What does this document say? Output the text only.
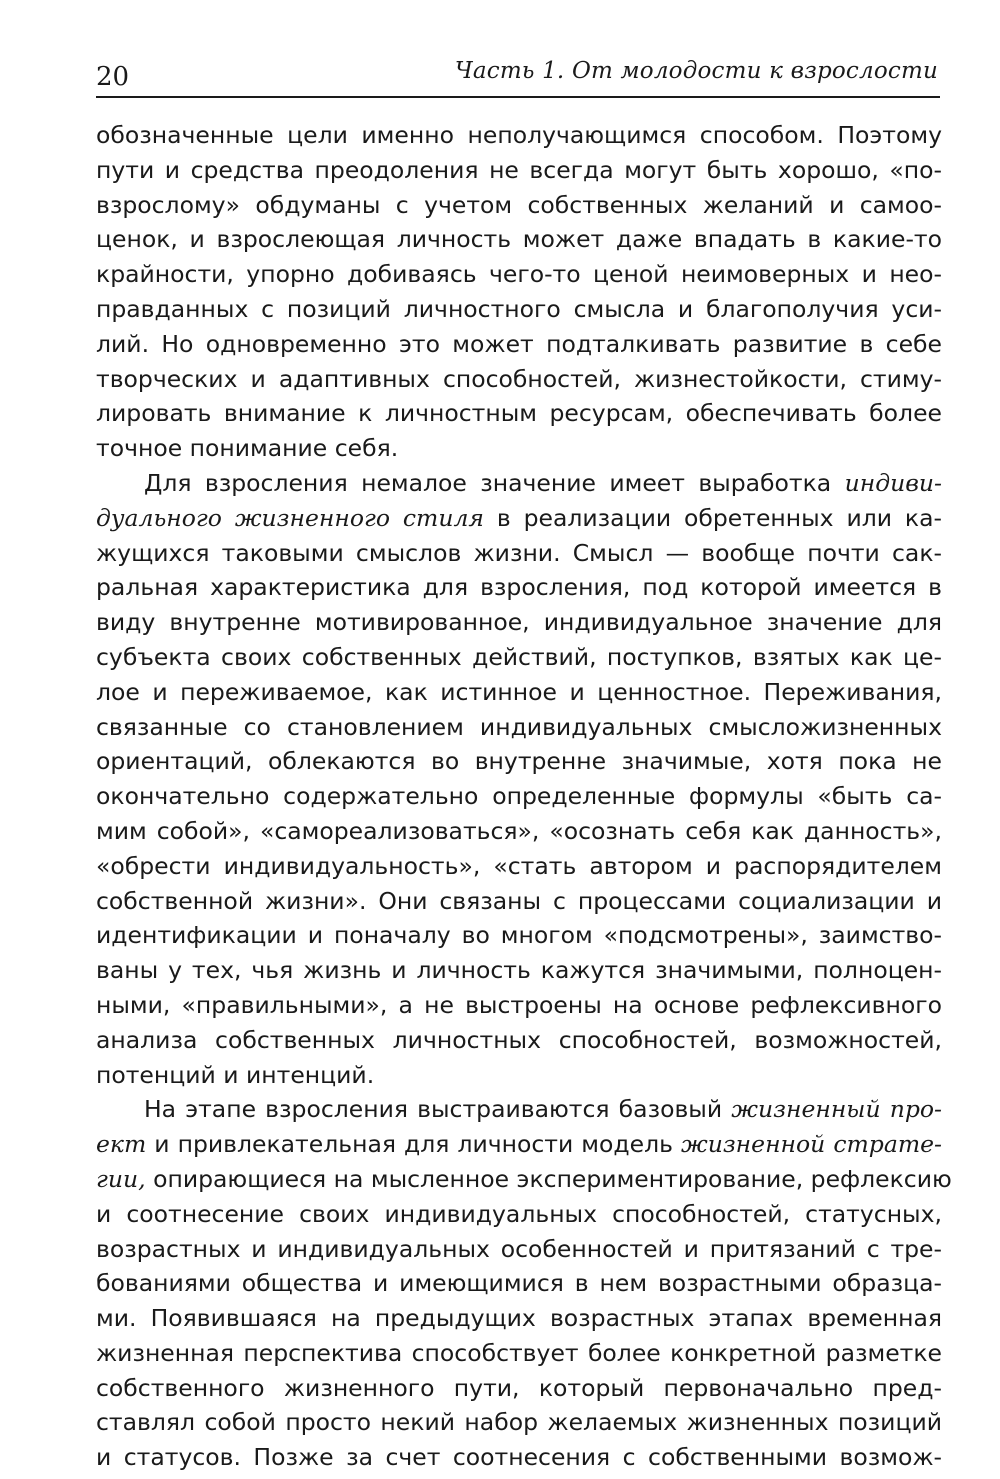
20	Часть 1. От молодости к взрослости
обозначенные цели именно неполучающимся способом. Поэтому
пути и средства преодоления не всегда могут быть хорошо, «по-
взрослому» обдуманы с учетом собственных желаний и самоо-
ценок, и взрослеющая личность может даже впадать в какие-то
крайности, упорно добиваясь чего-то ценой неимоверных и нео-
правданных с позиций личностного смысла и благополучия уси-
лий. Но одновременно это может подталкивать развитие в себе
творческих и адаптивных способностей, жизнестойкости, стиму-
лировать внимание к личностным ресурсам, обеспечивать более
точное понимание себя.
Для взросления немалое значение имеет выработка индиви-
дуального жизненного стиля в реализации обретенных или ка-
жущихся таковыми смыслов жизни. Смысл — вообще почти сак-
ральная характеристика для взросления, под которой имеется в
виду внутренне мотивированное, индивидуальное значение для
субъекта своих собственных действий, поступков, взятых как це-
лое и переживаемое, как истинное и ценностное. Переживания,
связанные со становлением индивидуальных смысложизненных
ориентаций, облекаются во внутренне значимые, хотя пока не
окончательно содержательно определенные формулы «быть са-
мим собой», «самореализоваться», «осознать себя как данность»,
«обрести индивидуальность», «стать автором и распорядителем
собственной жизни». Они связаны с процессами социализации и
идентификации и поначалу во многом «подсмотрены», заимство-
ваны у тех, чья жизнь и личность кажутся значимыми, полноцен-
ными, «правильными», а не выстроены на основе рефлексивного
анализа собственных личностных способностей, возможностей,
потенций и интенций.
На этапе взросления выстраиваются базовый жизненный про-
ект и привлекательная для личности модель жизненной страте-
гии, опирающиеся на мысленное экспериментирование, рефлексию
и соотнесение своих индивидуальных способностей, статусных,
возрастных и индивидуальных особенностей и притязаний с тре-
бованиями общества и имеющимися в нем возрастными образца-
ми. Появившаяся на предыдущих возрастных этапах временная
жизненная перспектива способствует более конкретной разметке
собственного жизненного пути, который первоначально пред-
ставлял собой просто некий набор желаемых жизненных позиций
и статусов. Позже за счет соотнесения с собственными возмож-
